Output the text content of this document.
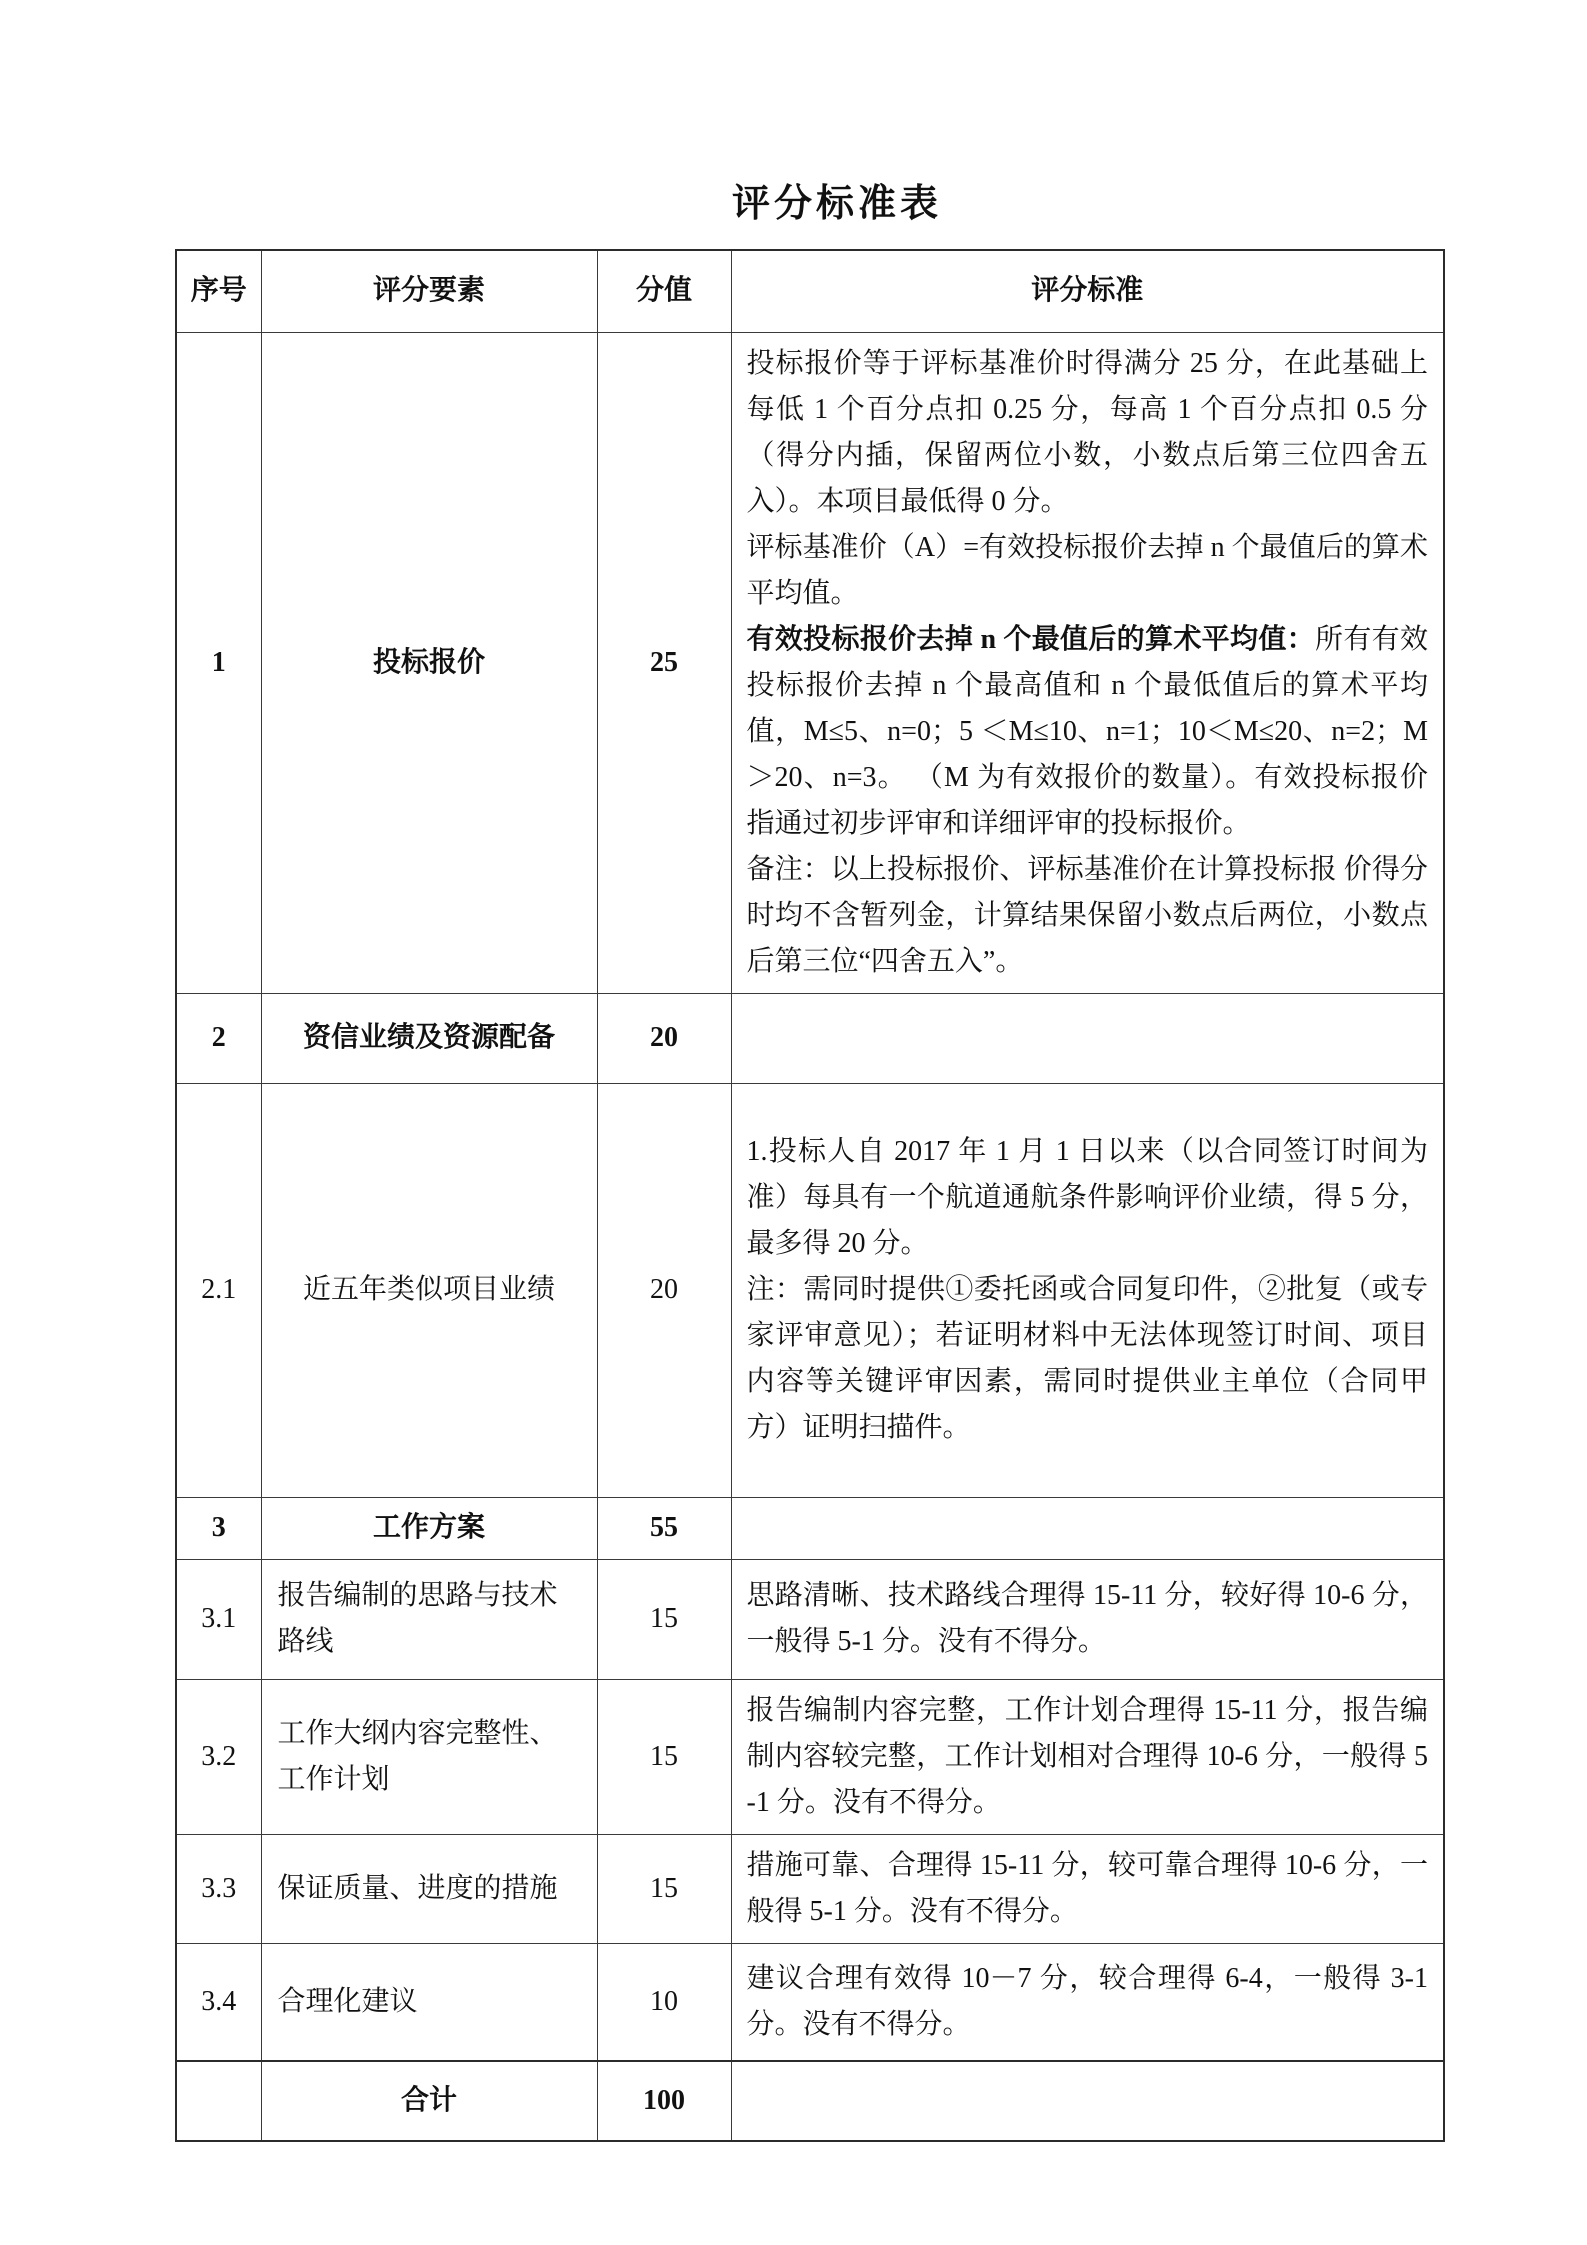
评分标准表
序号	评分要素	分值	评分标准
1	投标报价	25	投标报价等于评标基准价时得满分 25 分，在此基础上每低 1 个百分点扣 0.25 分，每高 1 个百分点扣 0.5 分（得分内插，保留两位小数，小数点后第三位四舍五入）。本项目最低得 0 分。

评标基准价（A）=有效投标报价去掉 n 个最值后的算术平均值。

有效投标报价去掉 n 个最值后的算术平均值：所有有效投标报价去掉 n 个最高值和 n 个最低值后的算术平均值，M≤5、n=0；5 ＜M≤10、n=1；10＜M≤20、n=2；M＞20、n=3。 （M 为有效报价的数量）。有效投标报价指通过初步评审和详细评审的投标报价。

备注：以上投标报价、评标基准价在计算投标报 价得分时均不含暂列金，计算结果保留小数点后两位，小数点后第三位“四舍五入”。

2	资信业绩及资源配备	20	
2.1	近五年类似项目业绩	20	1.投标人自 2017 年 1 月 1 日以来（以合同签订时间为准）每具有一个航道通航条件影响评价业绩，得 5 分，最多得 20 分。

注：需同时提供①委托函或合同复印件，②批复（或专家评审意见）；若证明材料中无法体现签订时间、项目内容等关键评审因素，需同时提供业主单位（合同甲方）证明扫描件。

3	工作方案	55	
3.1	报告编制的思路与技术路线	15	思路清晰、技术路线合理得 15-11 分，较好得 10-6 分，一般得 5-1 分。没有不得分。

3.2	工作大纲内容完整性、工作计划	15	报告编制内容完整，工作计划合理得 15-11 分，报告编制内容较完整，工作计划相对合理得 10-6 分，一般得 5-1 分。没有不得分。

3.3	保证质量、进度的措施	15	措施可靠、合理得 15-11 分，较可靠合理得 10-6 分，一般得 5-1 分。没有不得分。

3.4	合理化建议	10	建议合理有效得 10－7 分，较合理得 6-4，一般得 3-1 分。没有不得分。

	合计	100	
